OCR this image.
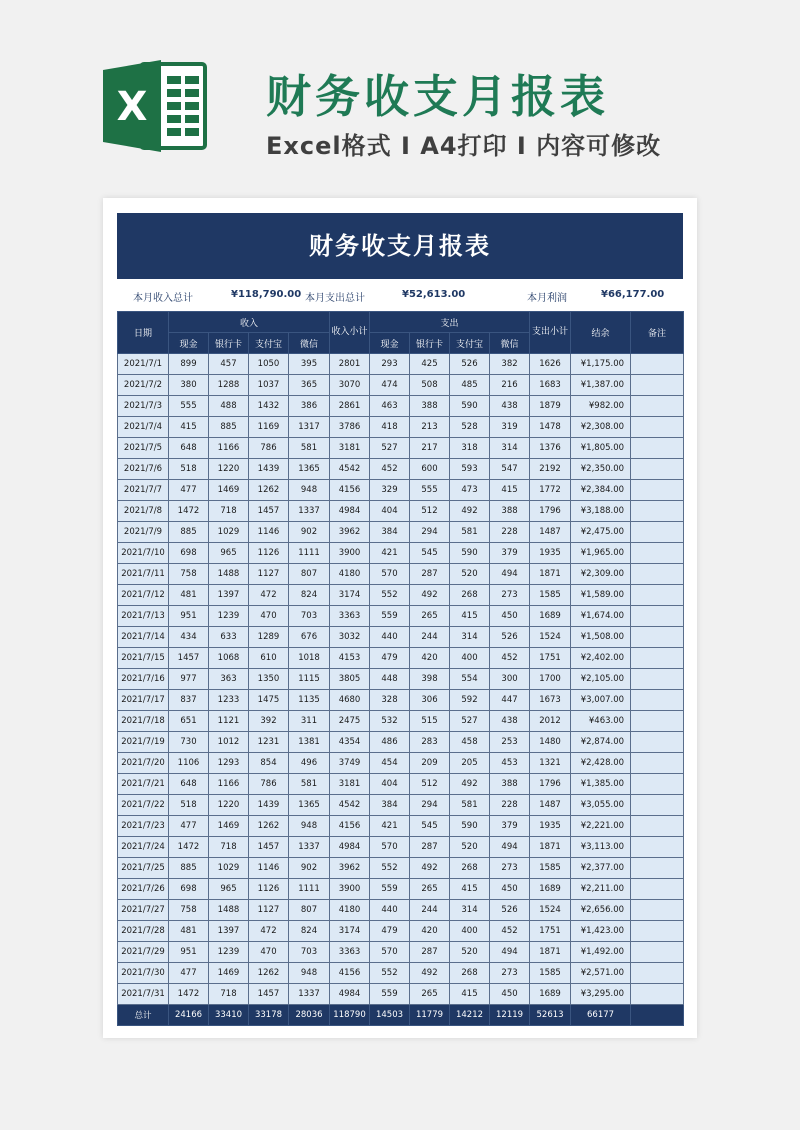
X	财务收支月报表
Excel格式 I A4打印 I 内容可修改
财务收支月报表
本月收入总计	¥118,790.00 本月支出总计	¥52,613.00	本月利润	¥66,177.00
日期	收入				收入小计	支出				支出小计	结余	备注
	现金	银行卡	支付宝	微信		现金	银行卡	支付宝	微信			
2021/7/1	899	457	1050	395	2801	293	425	526	382	1626	¥1,175.00	
2021/7/2	380	1288	1037	365	3070	474	508	485	216	1683	¥1,387.00	
2021/7/3	555	488	1432	386	2861	463	388	590	438	1879	¥982.00	
2021/7/4	415	885	1169	1317	3786	418	213	528	319	1478	¥2,308.00	
2021/7/5	648	1166	786	581	3181	527	217	318	314	1376	¥1,805.00	
2021/7/6	518	1220	1439	1365	4542	452	600	593	547	2192	¥2,350.00	
2021/7/7	477	1469	1262	948	4156	329	555	473	415	1772	¥2,384.00	
2021/7/8	1472	718	1457	1337	4984	404	512	492	388	1796	¥3,188.00	
2021/7/9	885	1029	1146	902	3962	384	294	581	228	1487	¥2,475.00	
2021/7/10	698	965	1126	1111	3900	421	545	590	379	1935	¥1,965.00	
2021/7/11	758	1488	1127	807	4180	570	287	520	494	1871	¥2,309.00	
2021/7/12	481	1397	472	824	3174	552	492	268	273	1585	¥1,589.00	
2021/7/13	951	1239	470	703	3363	559	265	415	450	1689	¥1,674.00	
2021/7/14	434	633	1289	676	3032	440	244	314	526	1524	¥1,508.00	
2021/7/15	1457	1068	610	1018	4153	479	420	400	452	1751	¥2,402.00	
2021/7/16	977	363	1350	1115	3805	448	398	554	300	1700	¥2,105.00	
2021/7/17	837	1233	1475	1135	4680	328	306	592	447	1673	¥3,007.00	
2021/7/18	651	1121	392	311	2475	532	515	527	438	2012	¥463.00	
2021/7/19	730	1012	1231	1381	4354	486	283	458	253	1480	¥2,874.00	
2021/7/20	1106	1293	854	496	3749	454	209	205	453	1321	¥2,428.00	
2021/7/21	648	1166	786	581	3181	404	512	492	388	1796	¥1,385.00	
2021/7/22	518	1220	1439	1365	4542	384	294	581	228	1487	¥3,055.00	
2021/7/23	477	1469	1262	948	4156	421	545	590	379	1935	¥2,221.00	
2021/7/24	1472	718	1457	1337	4984	570	287	520	494	1871	¥3,113.00	
2021/7/25	885	1029	1146	902	3962	552	492	268	273	1585	¥2,377.00	
2021/7/26	698	965	1126	1111	3900	559	265	415	450	1689	¥2,211.00	
2021/7/27	758	1488	1127	807	4180	440	244	314	526	1524	¥2,656.00	
2021/7/28	481	1397	472	824	3174	479	420	400	452	1751	¥1,423.00	
2021/7/29	951	1239	470	703	3363	570	287	520	494	1871	¥1,492.00	
2021/7/30	477	1469	1262	948	4156	552	492	268	273	1585	¥2,571.00	
2021/7/31	1472	718	1457	1337	4984	559	265	415	450	1689	¥3,295.00	
总计	24166	33410	33178	28036	118790	14503	11779	14212	12119	52613	66177	
